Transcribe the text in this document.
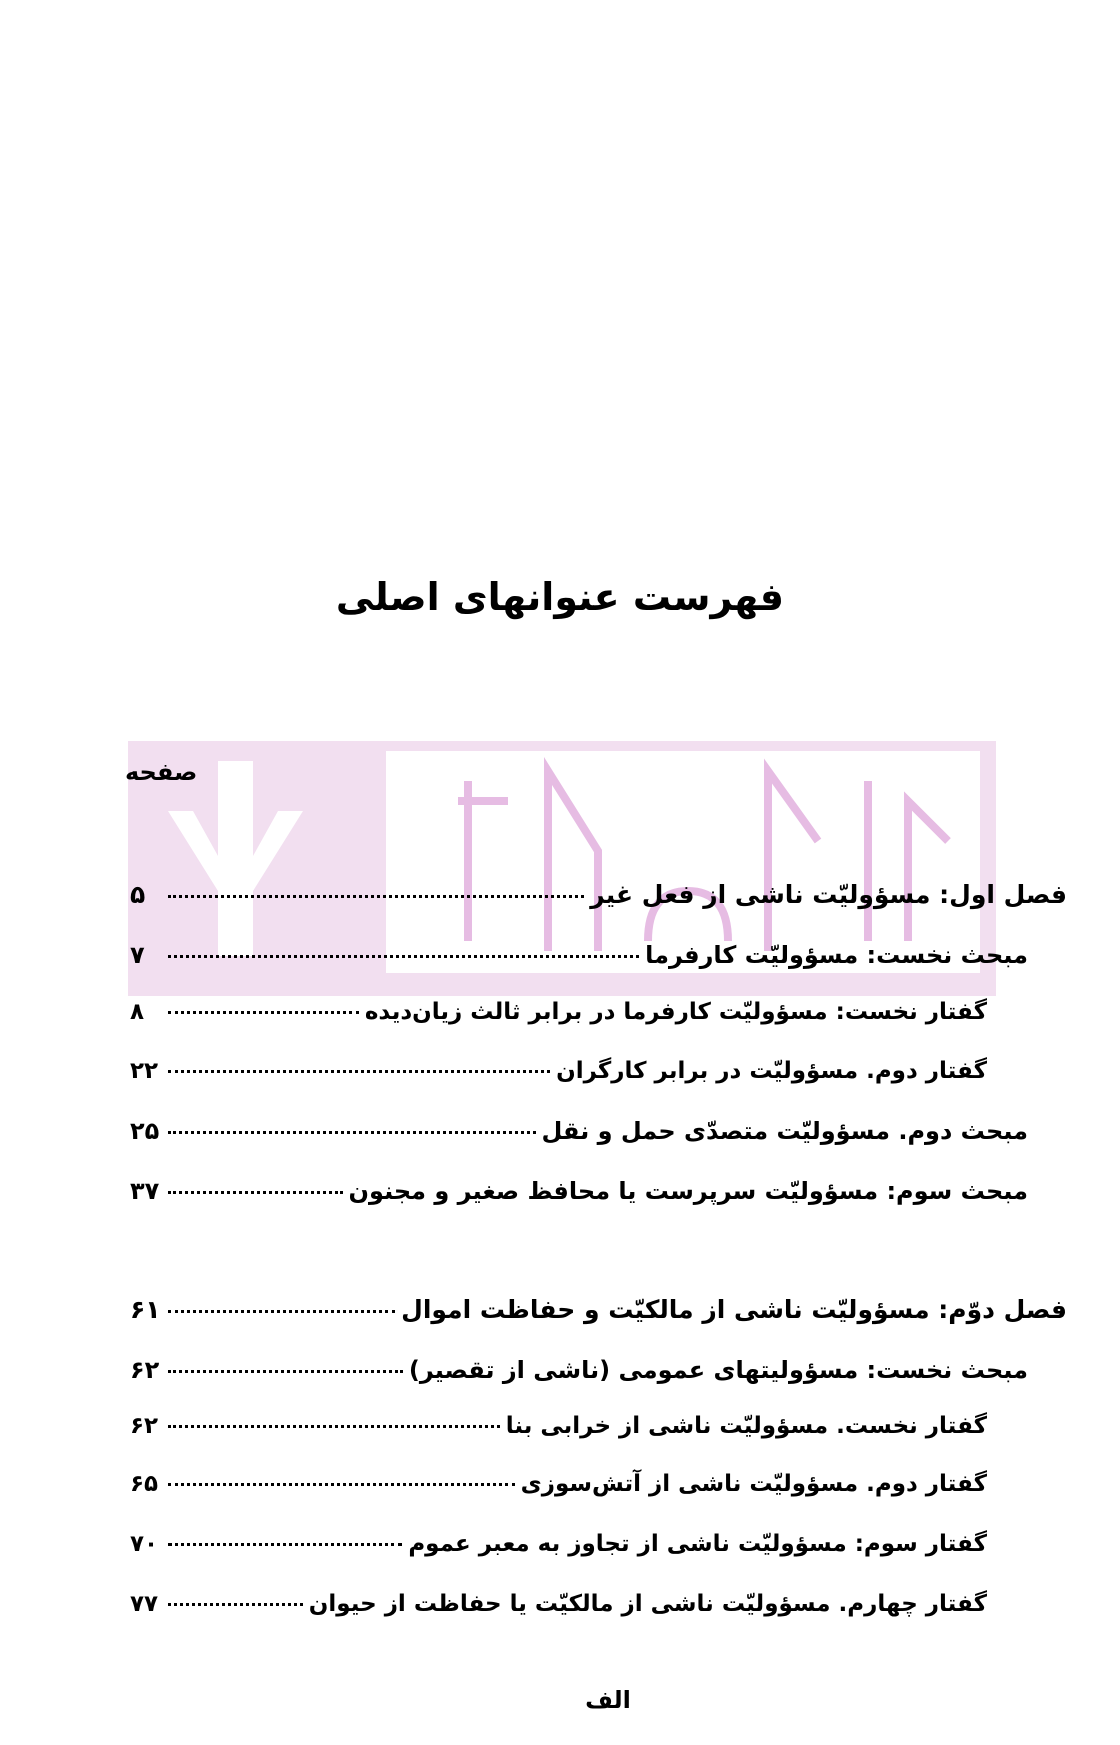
فهرست عنوانهای اصلی
صفحه
فصل اول: مسؤولیّت ناشی از فعل غیر
۵
مبحث نخست: مسؤولیّت کارفرما
۷
گفتار نخست: مسؤولیّت کارفرما در برابر ثالث زیان‌دیده
۸
گفتار دوم. مسؤولیّت در برابر کارگران
۲۲
مبحث دوم. مسؤولیّت متصدّی حمل و نقل
۲۵
مبحث سوم: مسؤولیّت سرپرست یا محافظ صغیر و مجنون
۳۷
فصل دوّم: مسؤولیّت ناشی از مالکیّت و حفاظت اموال
۶۱
مبحث نخست: مسؤولیتهای عمومی (ناشی از تقصیر)
۶۲
گفتار نخست. مسؤولیّت ناشی از خرابی بنا
۶۲
گفتار دوم. مسؤولیّت ناشی از آتش‌سوزی
۶۵
گفتار سوم: مسؤولیّت ناشی از تجاوز به معبر عموم
۷۰
گفتار چهارم. مسؤولیّت ناشی از مالکیّت یا حفاظت از حیوان
۷۷
الف
